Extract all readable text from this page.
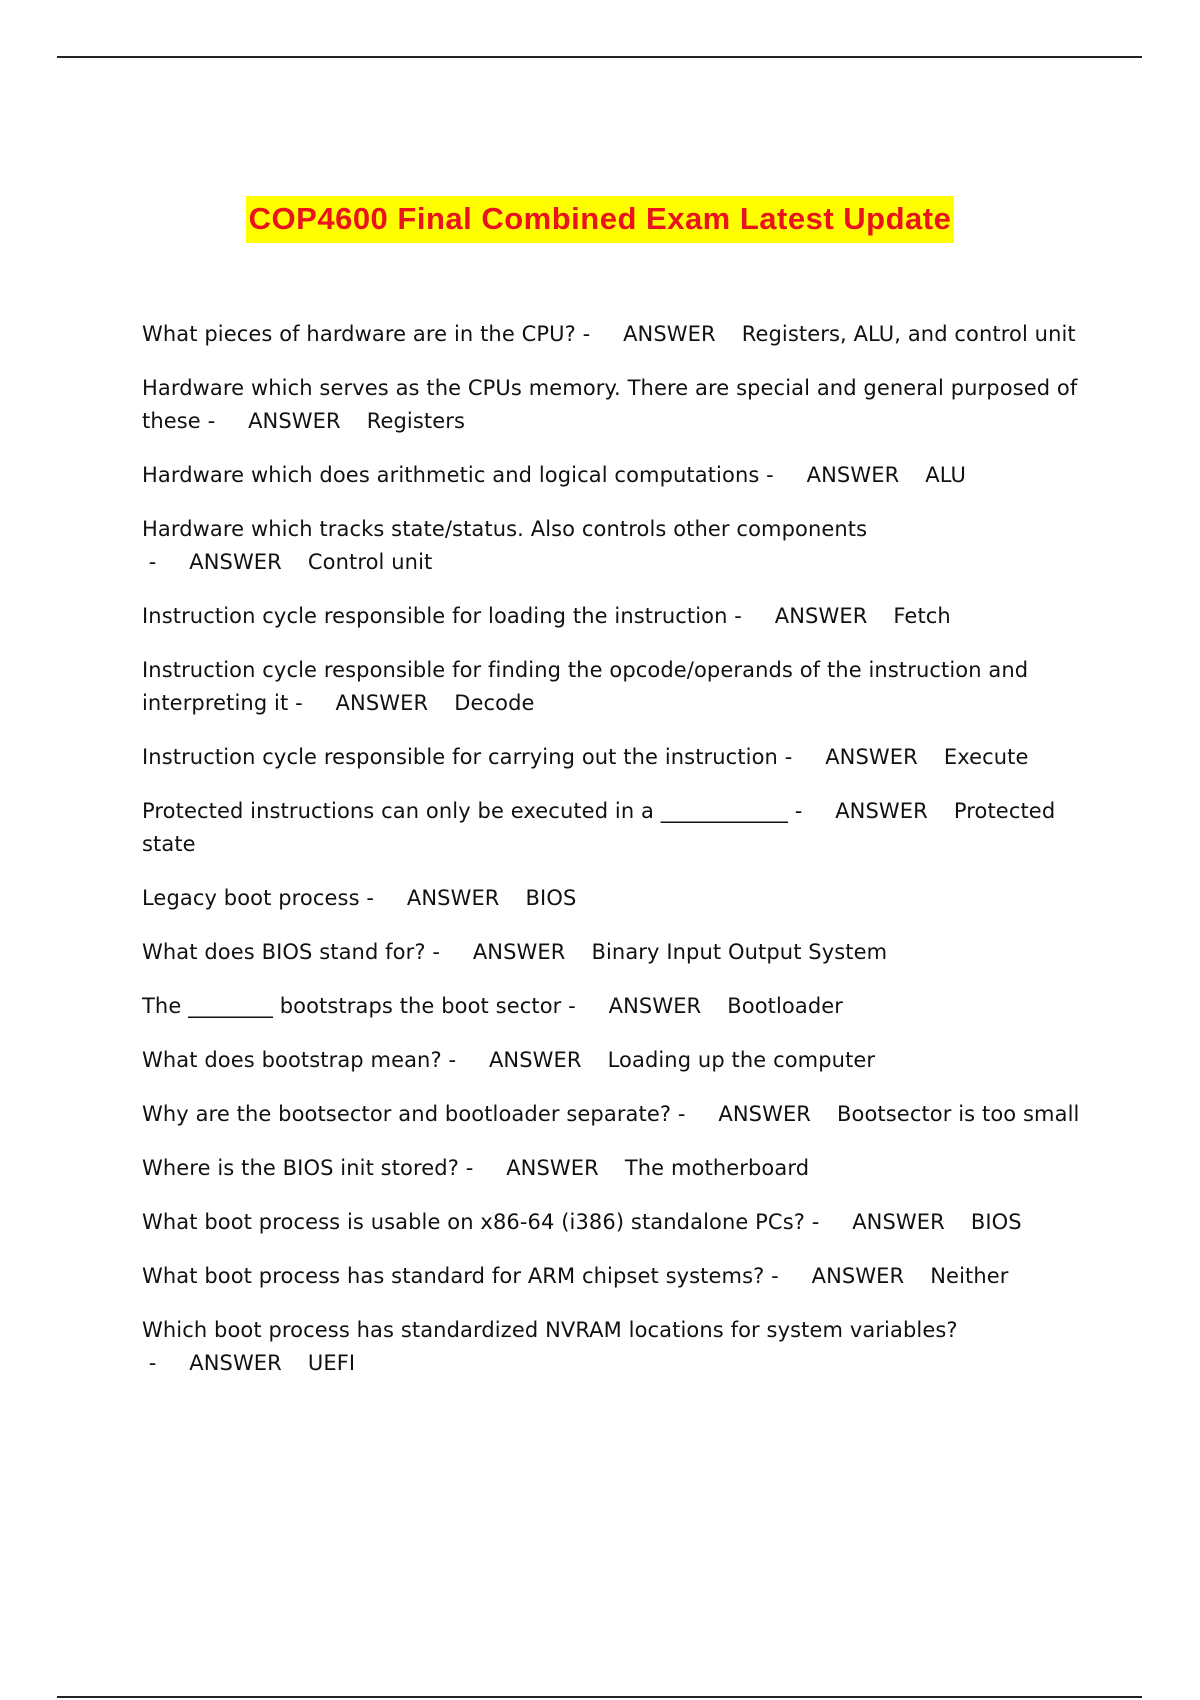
COP4600 Final Combined Exam Latest Update
What pieces of hardware are in the CPU? - ANSWER Registers, ALU, and control unit
Hardware which serves as the CPUs memory. There are special and general purposed of these - ANSWER Registers
Hardware which does arithmetic and logical computations - ANSWER ALU
Hardware which tracks state/status. Also controls other components - ANSWER Control unit
Instruction cycle responsible for loading the instruction - ANSWER Fetch
Instruction cycle responsible for finding the opcode/operands of the instruction and interpreting it - ANSWER Decode
Instruction cycle responsible for carrying out the instruction - ANSWER Execute
Protected instructions can only be executed in a ____________ - ANSWER Protected state
Legacy boot process - ANSWER BIOS
What does BIOS stand for? - ANSWER Binary Input Output System
The ________ bootstraps the boot sector - ANSWER Bootloader
What does bootstrap mean? - ANSWER Loading up the computer
Why are the bootsector and bootloader separate? - ANSWER Bootsector is too small
Where is the BIOS init stored? - ANSWER The motherboard
What boot process is usable on x86-64 (i386) standalone PCs? - ANSWER BIOS
What boot process has standard for ARM chipset systems? - ANSWER Neither
Which boot process has standardized NVRAM locations for system variables? - ANSWER UEFI
